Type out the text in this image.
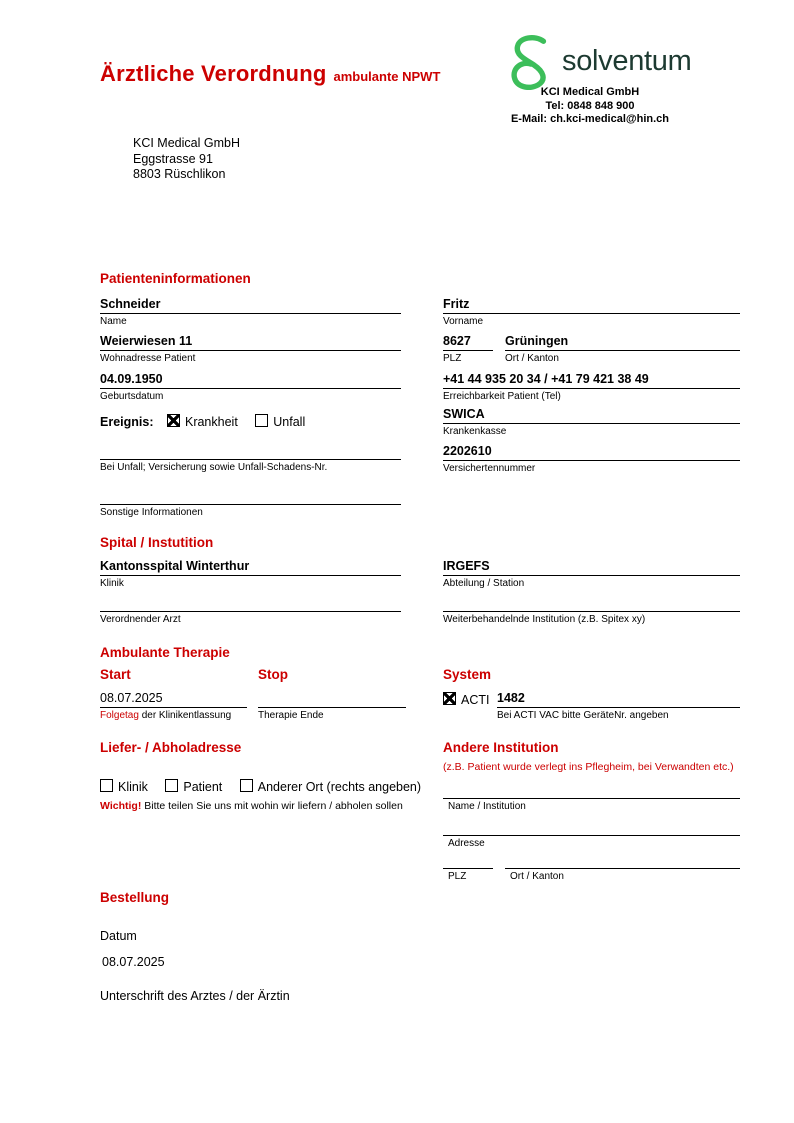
Ärztliche Verordnung ambulante NPWT	solventum
KCI Medical GmbH
Tel: 0848 848 900
E-Mail: ch.kci-medical@hin.ch
KCI Medical GmbH
Eggstrasse 91
8803 Rüschlikon
Patienteninformationen
Schneider
Name
Fritz
Vorname
Weierwiesen 11
Wohnadresse Patient
8627
PLZ
Grüningen
Ort / Kanton
04.09.1950
Geburtsdatum
+41 44 935 20 34 / +41 79 421 38 49
Erreichbarkeit Patient (Tel)
Ereignis:	Krankheit	Unfall
SWICA
Krankenkasse
Bei Unfall; Versicherung sowie Unfall-Schadens-Nr.
2202610
Versichertennummer
Sonstige Informationen
Spital / Instutition
Kantonsspital Winterthur
Klinik
IRGEFS
Abteilung / Station
Verordnender Arzt	Weiterbehandelnde Institution (z.B. Spitex xy)
Ambulante Therapie
Start	Stop	System
08.07.2025
Folgetag der Klinikentlassung	Therapie Ende
ACTI 1482
Bei ACTI VAC bitte GeräteNr. angeben
Liefer- / Abholadresse
Klinik	Patient	Anderer Ort (rechts angeben)
Wichtig! Bitte teilen Sie uns mit wohin wir liefern / abholen sollen
Andere Institution
(z.B. Patient wurde verlegt ins Pflegheim, bei Verwandten etc.)
Name / Institution
Adresse
PLZ	Ort / Kanton
Bestellung
Datum
08.07.2025
Unterschrift des Arztes / der Ärztin
